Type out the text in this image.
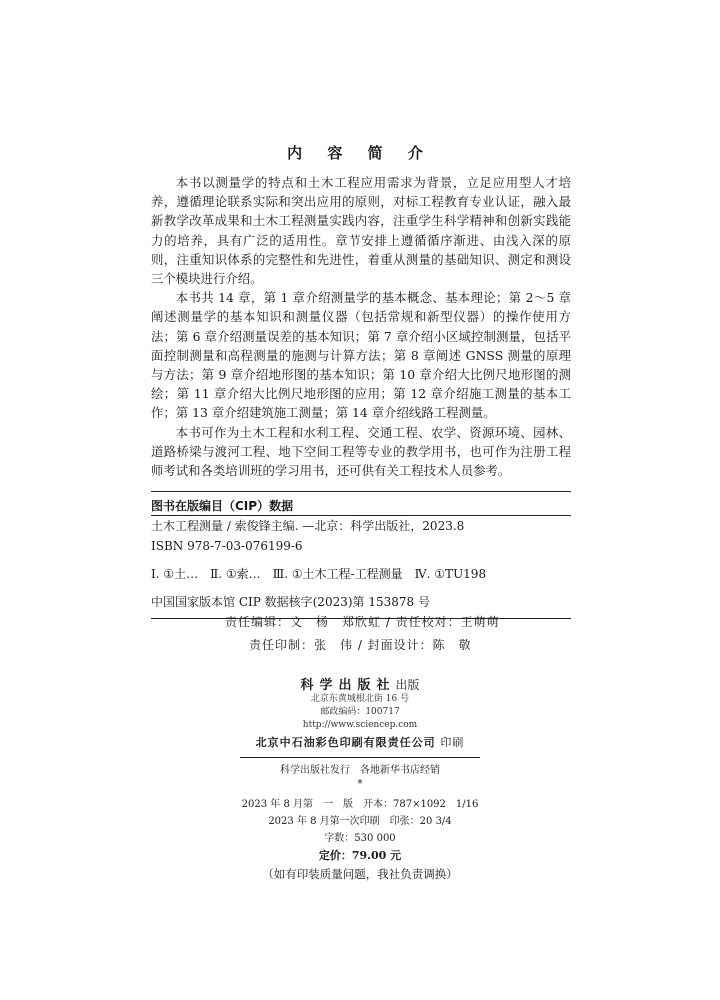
内 容 简 介

本书以测量学的特点和土木工程应用需求为背景，立足应用型人才培养，遵循理论联系实际和突出应用的原则，对标工程教育专业认证，融入最新教学改革成果和土木工程测量实践内容，注重学生科学精神和创新实践能力的培养，具有广泛的适用性。章节安排上遵循循序渐进、由浅入深的原则，注重知识体系的完整性和先进性，着重从测量的基础知识、测定和测设三个模块进行介绍。

本书共 14 章，第 1 章介绍测量学的基本概念、基本理论；第 2～5 章阐述测量学的基本知识和测量仪器（包括常规和新型仪器）的操作使用方法；第 6 章介绍测量误差的基本知识；第 7 章介绍小区域控制测量，包括平面控制测量和高程测量的施测与计算方法；第 8 章阐述 GNSS 测量的原理与方法；第 9 章介绍地形图的基本知识；第 10 章介绍大比例尺地形图的测绘；第 11 章介绍大比例尺地形图的应用；第 12 章介绍施工测量的基本工作；第 13 章介绍建筑施工测量；第 14 章介绍线路工程测量。

本书可作为土木工程和水利工程、交通工程、农学、资源环境、园林、道路桥梁与渡河工程、地下空间工程等专业的教学用书，也可作为注册工程师考试和各类培训班的学习用书，还可供有关工程技术人员参考。

图书在版编目（CIP）数据
土木工程测量 / 索俊锋主编. —北京：科学出版社，2023.8
ISBN 978-7-03-076199-6
Ⅰ. ①土…　Ⅱ. ①索…　Ⅲ. ①土木工程-工程测量　Ⅳ. ①TU198
中国国家版本馆 CIP 数据核字(2023)第 153878 号
责任编辑：文　杨　郑欣虹 / 责任校对：王萌萌
责任印制：张　伟 / 封面设计：陈　敬
科学出版社出版
北京东黄城根北街 16 号
邮政编码：100717
http://www.sciencep.com
北京中石油彩色印刷有限责任公司 印刷
科学出版社发行　各地新华书店经销
*
2023 年 8 月第　一　版　开本：787×1092　1/16
2023 年 8 月第一次印刷　印张：20 3/4
字数：530 000
定价：79.00 元
（如有印装质量问题，我社负责调换）
